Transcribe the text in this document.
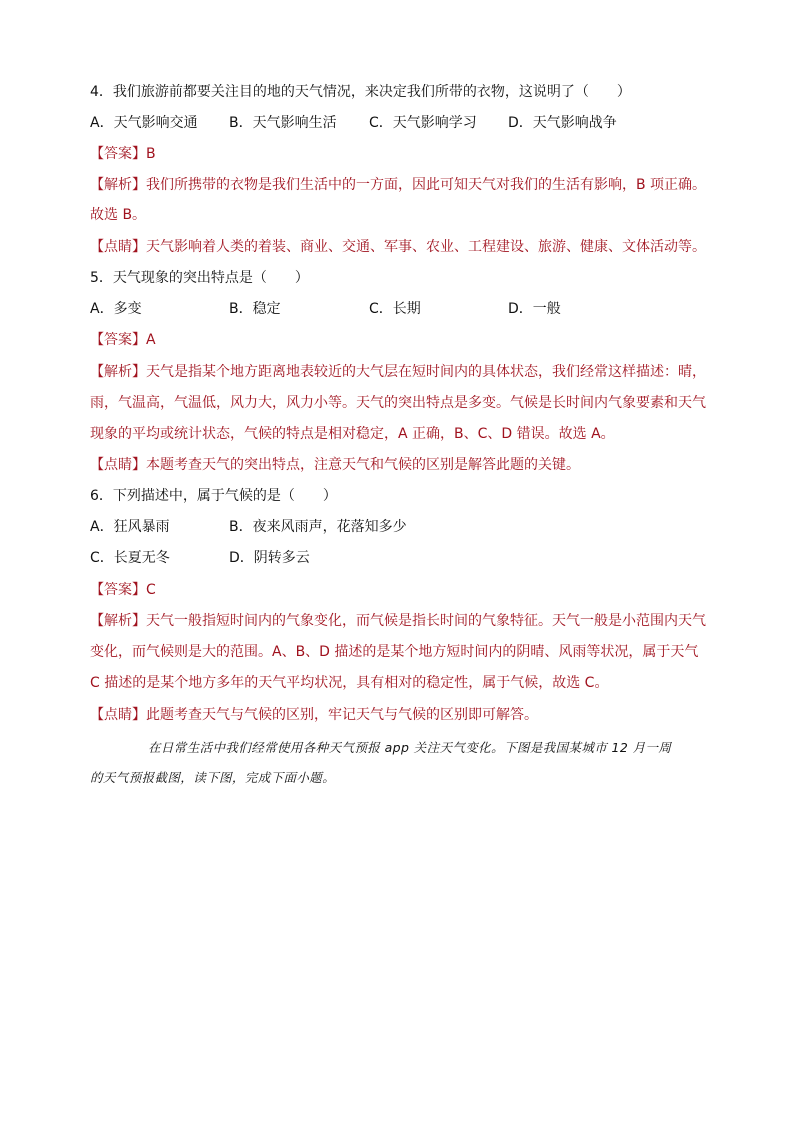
4．我们旅游前都要关注目的地的天气情况，来决定我们所带的衣物，这说明了（　　）
A．天气影响交通 B．天气影响生活 C．天气影响学习 D．天气影响战争
【答案】B
【解析】我们所携带的衣物是我们生活中的一方面，因此可知天气对我们的生活有影响，B 项正确。
故选 B。
【点睛】天气影响着人类的着装、商业、交通、军事、农业、工程建设、旅游、健康、文体活动等。
5．天气现象的突出特点是（　　）
A．多变	B．稳定	C．长期	D．一般
【答案】A
【解析】天气是指某个地方距离地表较近的大气层在短时间内的具体状态，我们经常这样描述：晴，
雨，气温高，气温低，风力大，风力小等。天气的突出特点是多变。气候是长时间内气象要素和天气
现象的平均或统计状态，气候的特点是相对稳定，A 正确，B、C、D 错误。故选 A。
【点睛】本题考查天气的突出特点，注意天气和气候的区别是解答此题的关键。
6．下列描述中，属于气候的是（　　）
A．狂风暴雨	B．夜来风雨声，花落知多少
C．长夏无冬	D．阴转多云
【答案】C
【解析】天气一般指短时间内的气象变化，而气候是指长时间的气象特征。天气一般是小范围内天气
变化，而气候则是大的范围。A、B、D 描述的是某个地方短时间内的阴晴、风雨等状况，属于天气
C 描述的是某个地方多年的天气平均状况，具有相对的稳定性，属于气候，故选 C。
【点睛】此题考查天气与气候的区别，牢记天气与气候的区别即可解答。
在日常生活中我们经常使用各种天气预报 app 关注天气变化。下图是我国某城市 12 月一周
的天气预报截图，读下图，完成下面小题。
